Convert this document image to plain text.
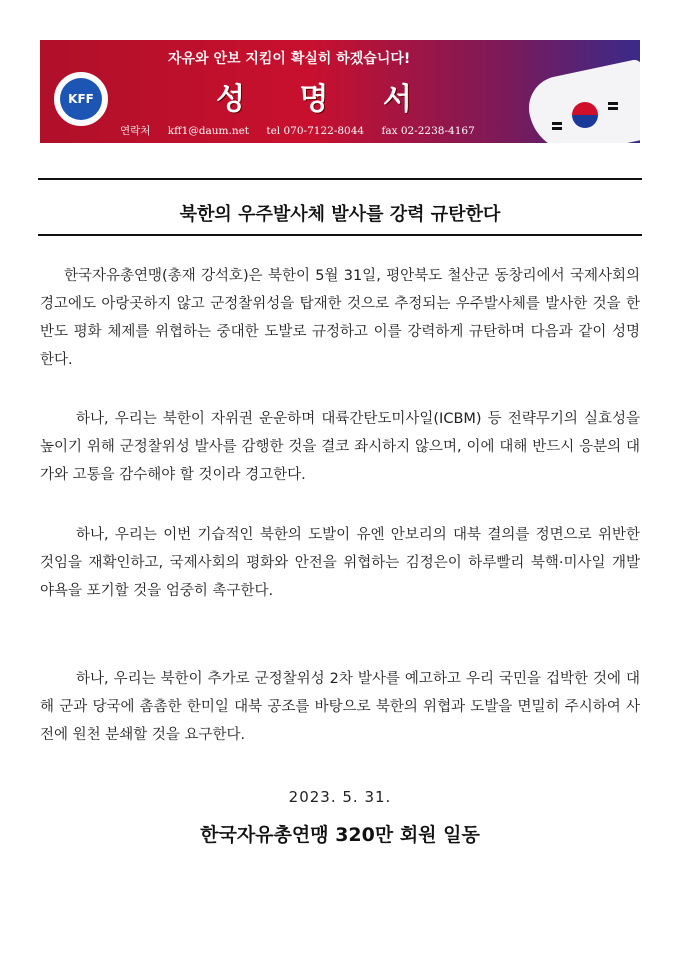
KFF
자유와 안보 지킴이 확실히 하겠습니다!
성 명 서
연락처 kff1@daum.net tel 070-7122-8044 fax 02-2238-4167
북한의 우주발사체 발사를 강력 규탄한다
한국자유총연맹(총재 강석호)은 북한이 5월 31일, 평안북도 철산군 동창리에서 국제사회의 경고에도 아랑곳하지 않고 군정찰위성을 탑재한 것으로 추정되는 우주발사체를 발사한 것을 한반도 평화 체제를 위협하는 중대한 도발로 규정하고 이를 강력하게 규탄하며 다음과 같이 성명한다.

하나, 우리는 북한이 자위권 운운하며 대륙간탄도미사일(ICBM) 등 전략무기의 실효성을 높이기 위해 군정찰위성 발사를 감행한 것을 결코 좌시하지 않으며, 이에 대해 반드시 응분의 대가와 고통을 감수해야 할 것이라 경고한다.

하나, 우리는 이번 기습적인 북한의 도발이 유엔 안보리의 대북 결의를 정면으로 위반한 것임을 재확인하고, 국제사회의 평화와 안전을 위협하는 김정은이 하루빨리 북핵·미사일 개발 야욕을 포기할 것을 엄중히 촉구한다.

하나, 우리는 북한이 추가로 군정찰위성 2차 발사를 예고하고 우리 국민을 겁박한 것에 대해 군과 당국에 촘촘한 한미일 대북 공조를 바탕으로 북한의 위협과 도발을 면밀히 주시하여 사전에 원천 분쇄할 것을 요구한다.

2023. 5. 31.
한국자유총연맹 320만 회원 일동
